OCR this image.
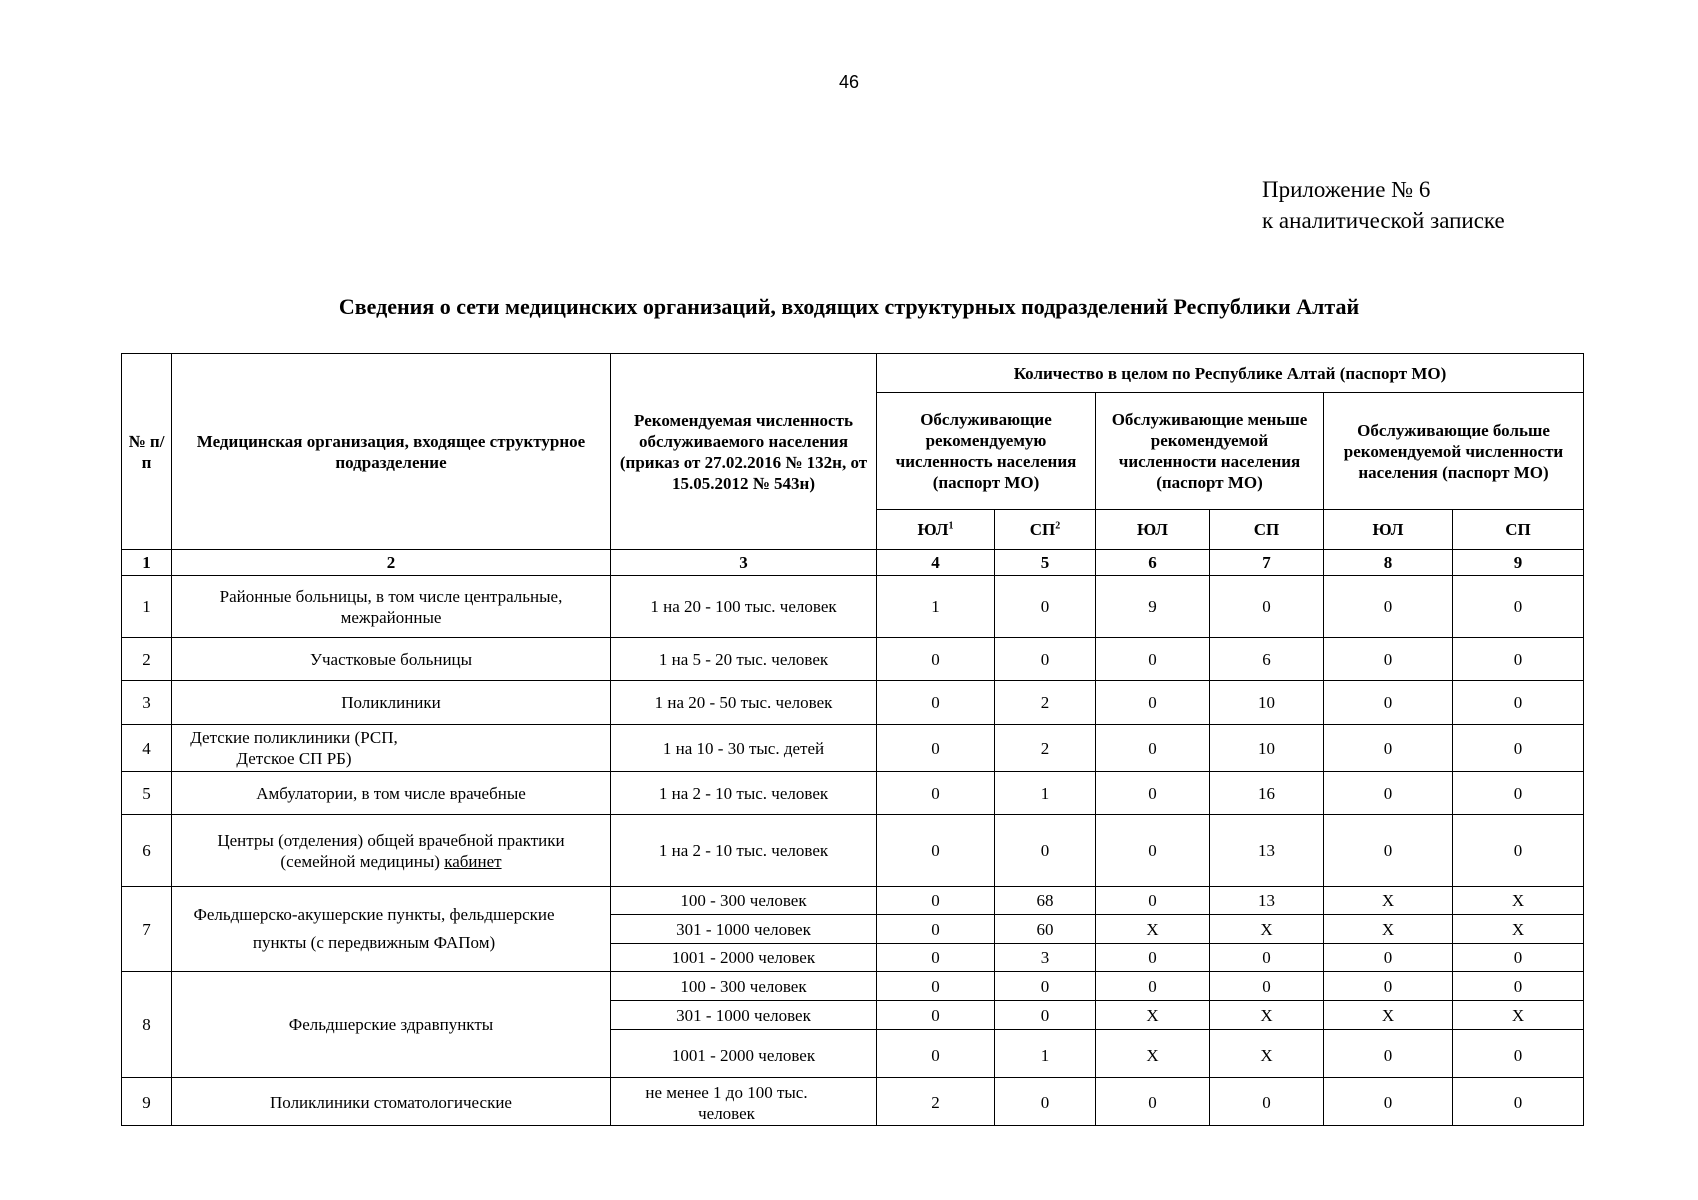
46
Приложение № 6
к аналитической записке
Сведения о сети медицинских организаций, входящих структурных подразделений Республики Алтай
№ п/п	Медицинская организация, входящее структурное подразделение	Рекомендуемая численность обслуживаемого населения (приказ от 27.02.2016 № 132н, от 15.05.2012 № 543н)	Количество в целом по Республике Алтай (паспорт МО)					
			Обслуживающие рекомендуемую численность населения (паспорт МО)		Обслуживающие меньше рекомендуемой численности населения (паспорт МО)		Обслуживающие больше рекомендуемой численности населения (паспорт МО)	
			$ЮЛ^1$	$СП^2$	ЮЛ	СП	ЮЛ	СП
1	2	3	4	5	6	7	8	9
1	Районные больницы, в том числе центральные, межрайонные	1 на 20 - 100 тыс. человек	1	0	9	0	0	0
2	Участковые больницы	1 на 5 - 20 тыс. человек	0	0	0	6	0	0
3	Поликлиники	1 на 20 - 50 тыс. человек	0	2	0	10	0	0
4	Детские поликлиники (РСП, Детское СП РБ)	1 на 10 - 30 тыс. детей	0	2	0	10	0	0
5	Амбулатории, в том числе врачебные	1 на 2 - 10 тыс. человек	0	1	0	16	0	0
6	Центры (отделения) общей врачебной практики (семейной медицины) кабинет	1 на 2 - 10 тыс. человек	0	0	0	13	0	0
7	Фельдшерско-акушерские пункты, фельдшерские пункты (с передвижным ФАПом)	100 - 300 человек	0	68	0	13	Х	Х
		301 - 1000 человек	0	60	Х	Х	Х	Х
		1001 - 2000 человек	0	3	0	0	0	0
8	Фельдшерские здравпункты	100 - 300 человек	0	0	0	0	0	0
		301 - 1000 человек	0	0	Х	Х	Х	Х
		1001 - 2000 человек	0	1	Х	Х	0	0
9	Поликлиники стоматологические	не менее 1 до 100 тыс. человек	2	0	0	0	0	0
